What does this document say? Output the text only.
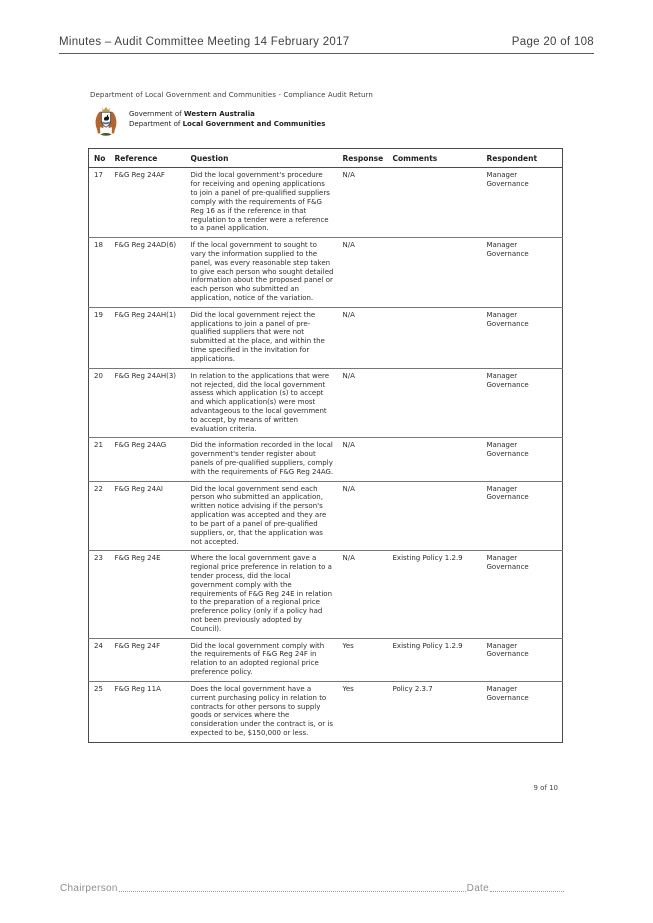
Minutes – Audit Committee Meeting 14 February 2017	Page 20 of 108
Department of Local Government and Communities - Compliance Audit Return
Government of Western Australia
Department of Local Government and Communities
No	Reference	Question	Response	Comments	Respondent
17	F&G Reg 24AF	Did the local government's procedure for receiving and opening applications to join a panel of pre-qualified suppliers comply with the requirements of F&G Reg 16 as if the reference in that regulation to a tender were a reference to a panel application.	N/A		Manager Governance
18	F&G Reg 24AD(6)	If the local government to sought to vary the information supplied to the panel, was every reasonable step taken to give each person who sought detailed information about the proposed panel or each person who submitted an application, notice of the variation.	N/A		Manager Governance
19	F&G Reg 24AH(1)	Did the local government reject the applications to join a panel of pre-qualified suppliers that were not submitted at the place, and within the time specified in the invitation for applications.	N/A		Manager Governance
20	F&G Reg 24AH(3)	In relation to the applications that were not rejected, did the local government assess which application (s) to accept and which application(s) were most advantageous to the local government to accept, by means of written evaluation criteria.	N/A		Manager Governance
21	F&G Reg 24AG	Did the information recorded in the local government's tender register about panels of pre-qualified suppliers, comply with the requirements of F&G Reg 24AG.	N/A		Manager Governance
22	F&G Reg 24AI	Did the local government send each person who submitted an application, written notice advising if the person's application was accepted and they are to be part of a panel of pre-qualified suppliers, or, that the application was not accepted.	N/A		Manager Governance
23	F&G Reg 24E	Where the local government gave a regional price preference in relation to a tender process, did the local government comply with the requirements of F&G Reg 24E in relation to the preparation of a regional price preference policy (only if a policy had not been previously adopted by Council).	N/A	Existing Policy 1.2.9	Manager Governance
24	F&G Reg 24F	Did the local government comply with the requirements of F&G Reg 24F in relation to an adopted regional price preference policy.	Yes	Existing Policy 1.2.9	Manager Governance
25	F&G Reg 11A	Does the local government have a current purchasing policy in relation to contracts for other persons to supply goods or services where the consideration under the contract is, or is expected to be, $150,000 or less.	Yes	Policy 2.3.7	Manager Governance
9 of 10
Chairperson	Date
